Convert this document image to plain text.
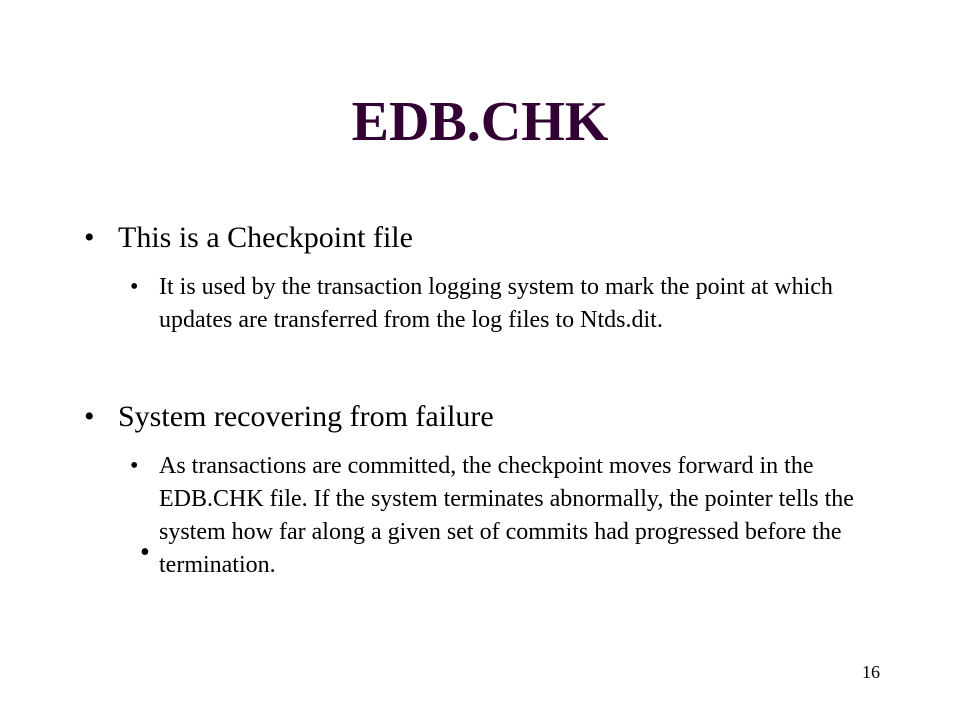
EDB.CHK
• This is a Checkpoint file
• It is used by the transaction logging system to mark the point at which updates are transferred from the log files to Ntds.dit.
• System recovering from failure
• As transactions are committed, the checkpoint moves forward in the EDB.CHK file. If the system terminates abnormally, the pointer tells the system how far along a given set of commits had progressed before the termination.
•
16
